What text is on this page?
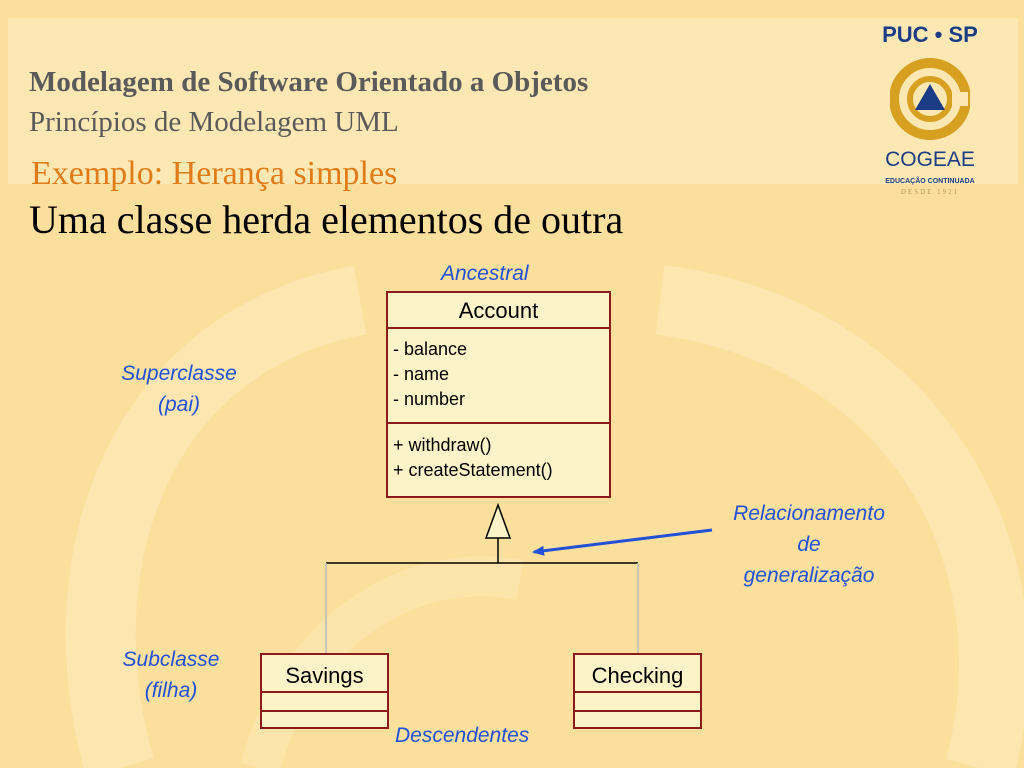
Modelagem de Software Orientado a Objetos
Princípios de Modelagem UML
Exemplo: Herança simples
Uma classe herda elementos de outra
PUC • SP
COGEAE
EDUCAÇÃO CONTINUADA
DESDE 1921
Ancestral
Superclasse
(pai)
Subclasse
(filha)
Relacionamento
de
generalização
Descendentes
Account
- balance
- name
- number
+ withdraw()
+ createStatement()
Savings	Checking
